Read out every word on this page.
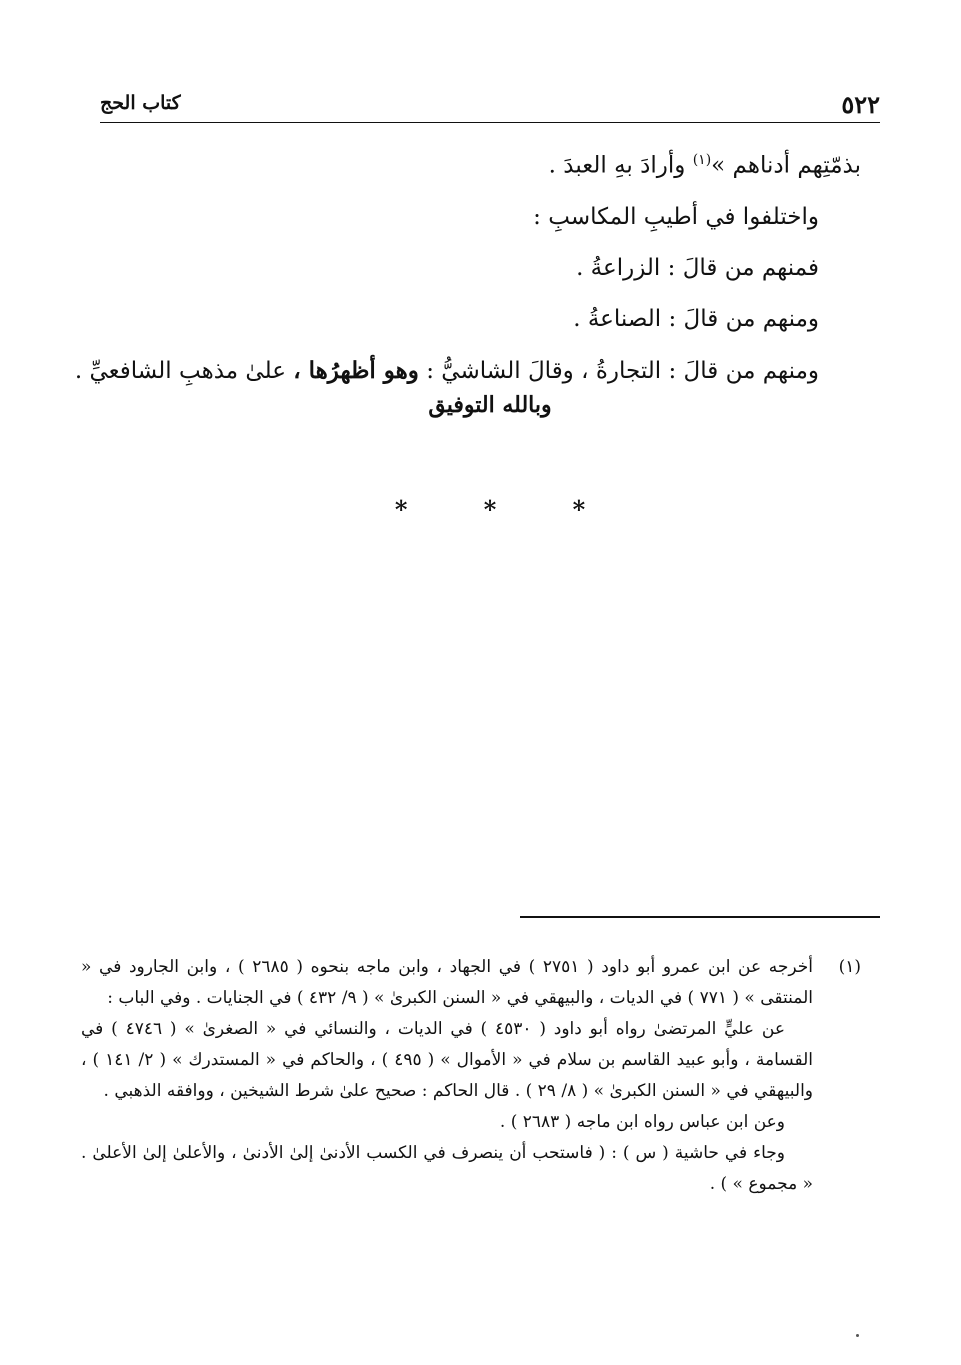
٥٢٢
كتاب الحج
بذمّتِهم أدناهم »$^{(١)}$ وأرادَ بهِ العبدَ .
واختلفوا في أطيبِ المكاسبِ :
فمنهم من قالَ : الزراعةُ .
ومنهم من قالَ : الصناعةُ .
ومنهم من قالَ : التجارةُ ، وقالَ الشاشيُّ : وهو أظهرُها ، علىٰ مذهبِ الشافعيِّ .
وبالله التوفيق
* * *
(١)
أخرجه عن ابن عمرو أبو داود ( ٢٧٥١ ) في الجهاد ، وابن ماجه بنحوه ( ٢٦٨٥ ) ، وابن الجارود في « المنتقى » ( ٧٧١ ) في الديات ، والبيهقي في « السنن الكبرىٰ » ( ٩/ ٤٣٢ ) في الجنايات . وفي الباب :
عن عليٍّ المرتضىٰ رواه أبو داود ( ٤٥٣٠ ) في الديات ، والنسائي في « الصغرىٰ » ( ٤٧٤٦ ) في القسامة ، وأبو عبيد القاسم بن سلام في « الأموال » ( ٤٩٥ ) ، والحاكم في « المستدرك » ( ٢/ ١٤١ ) ، والبيهقي في « السنن الكبرىٰ » ( ٨/ ٢٩ ) . قال الحاكم : صحيح علىٰ شرط الشيخين ، ووافقه الذهبي .
وعن ابن عباس رواه ابن ماجه ( ٢٦٨٣ ) .
وجاء في حاشية ( س ) : ( فاستحب أن ينصرف في الكسب الأدنىٰ إلىٰ الأدنىٰ ، والأعلىٰ إلىٰ الأعلىٰ . « مجموع » ) .
